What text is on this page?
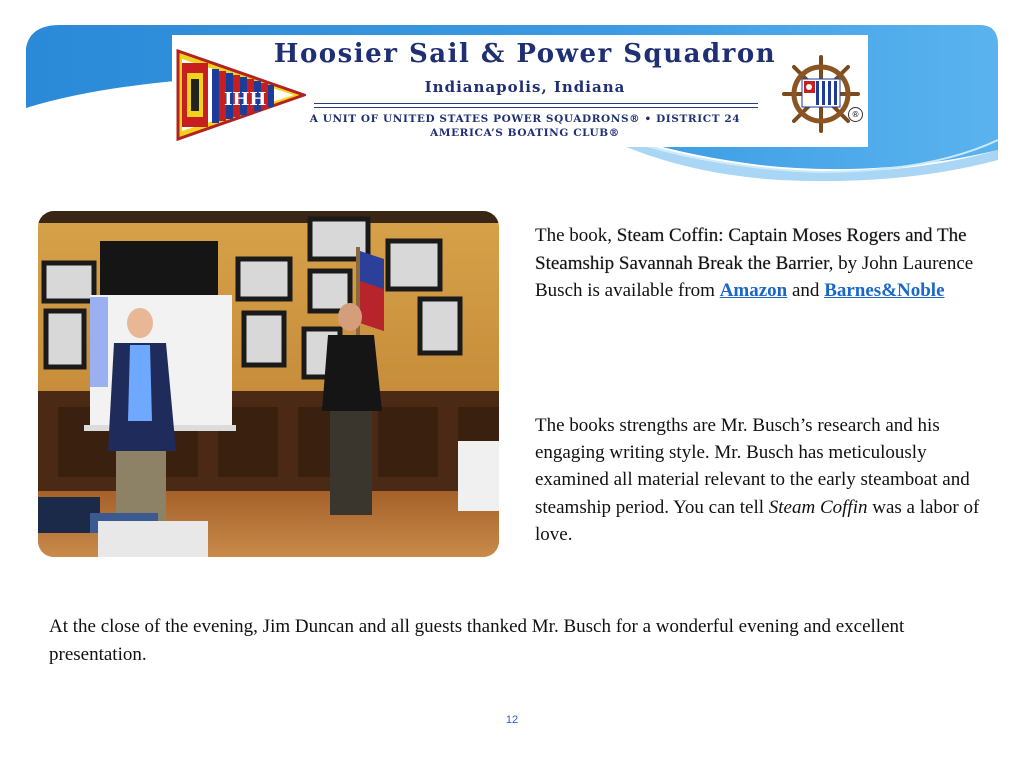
IHH
Hoosier Sail & Power Squadron
Indianapolis, Indiana
A UNIT OF UNITED STATES POWER SQUADRONS® • DISTRICT 24
AMERICA’S BOATING CLUB®
®

The book, Steam Coffin: Captain Moses Rogers and The Steamship Savannah Break the Barrier, by John Laurence Busch is available from Amazon and Barnes&Noble

The books strengths are Mr. Busch’s research and his engaging writing style. Mr. Busch has meticulously examined all material relevant to the early steamboat and steamship period. You can tell Steam Coffin was a labor of love.

At the close of the evening, Jim Duncan and all guests thanked Mr. Busch for a wonderful evening and excellent presentation.

12
